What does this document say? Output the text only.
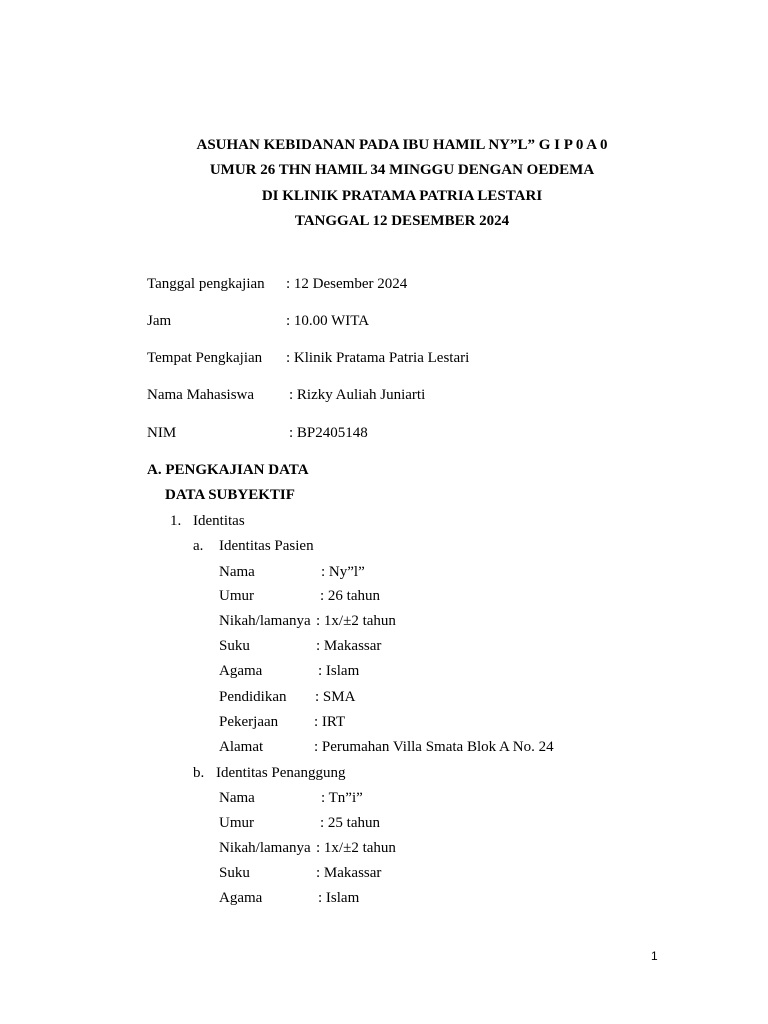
ASUHAN KEBIDANAN PADA IBU HAMIL NY”L” G I P 0 A 0
UMUR 26 THN HAMIL 34 MINGGU DENGAN OEDEMA
DI KLINIK PRATAMA PATRIA LESTARI
TANGGAL 12 DESEMBER 2024
Tanggal pengkajian : 12 Desember 2024
Jam	: 10.00 WITA
Tempat Pengkajian : Klinik Pratama Patria Lestari
Nama Mahasiswa : Rizky Auliah Juniarti
NIM	: BP2405148
A. PENGKAJIAN DATA
DATA SUBYEKTIF
1. Identitas
a. Identitas Pasien
Nama	: Ny”l”
Umur	: 26 tahun
Nikah/lamanya : 1x/±2 tahun
Suku	: Makassar
Agama	: Islam
Pendidikan : SMA
Pekerjaan : IRT
Alamat	: Perumahan Villa Smata Blok A No. 24
b. Identitas Penanggung
Nama	: Tn”i”
Umur	: 25 tahun
Nikah/lamanya : 1x/±2 tahun
Suku	: Makassar
Agama	: Islam
1
